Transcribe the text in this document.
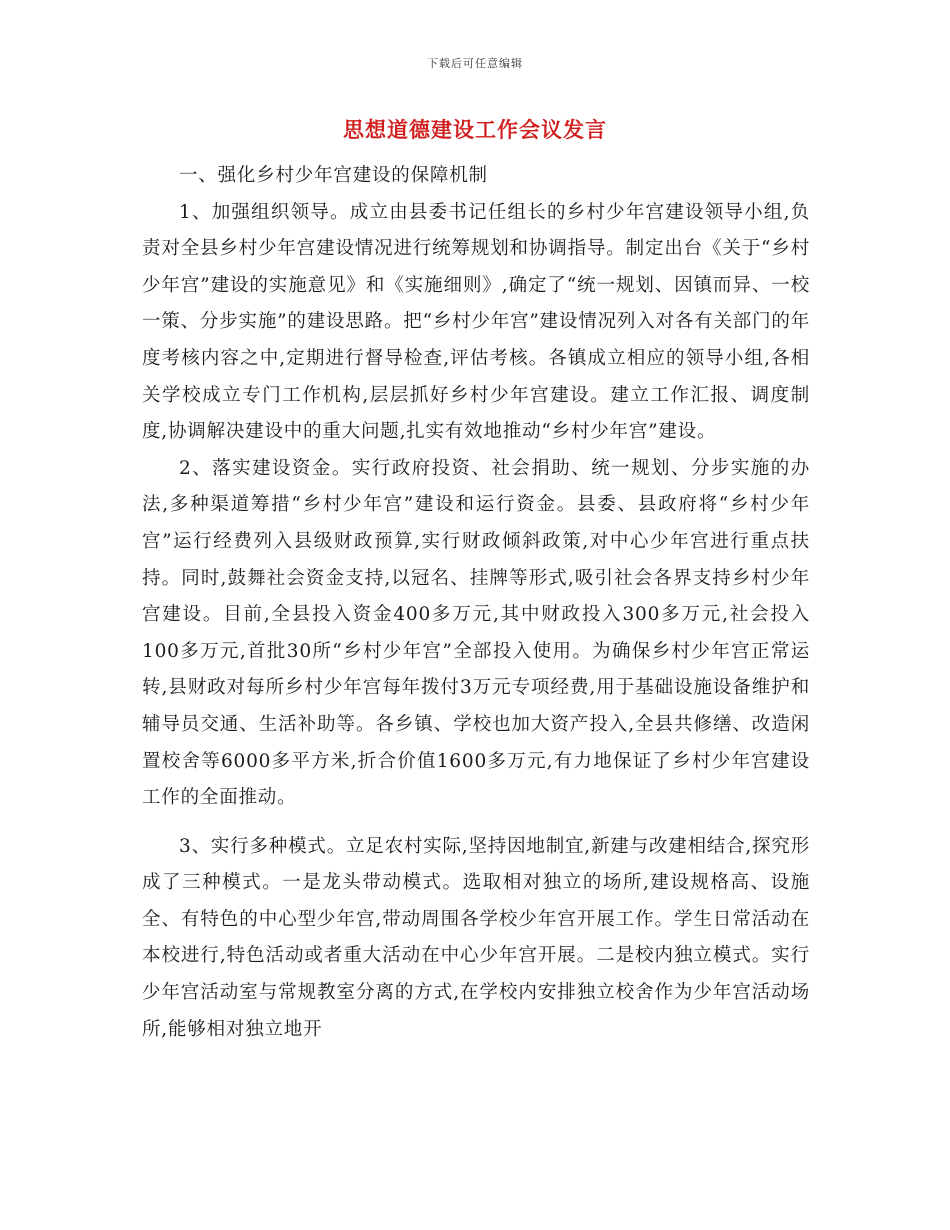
下载后可任意编辑
思想道德建设工作会议发言

一、强化乡村少年宫建设的保障机制

1、加强组织领导。成立由县委书记任组长的乡村少年宫建设领导小组,负责对全县乡村少年宫建设情况进行统筹规划和协调指导。制定出台《关于“乡村少年宫”建设的实施意见》和《实施细则》,确定了“统一规划、因镇而异、一校一策、分步实施”的建设思路。把“乡村少年宫”建设情况列入对各有关部门的年度考核内容之中,定期进行督导检查,评估考核。各镇成立相应的领导小组,各相关学校成立专门工作机构,层层抓好乡村少年宫建设。建立工作汇报、调度制度,协调解决建设中的重大问题,扎实有效地推动“乡村少年宫”建设。

2、落实建设资金。实行政府投资、社会捐助、统一规划、分步实施的办法,多种渠道筹措“乡村少年宫”建设和运行资金。县委、县政府将“乡村少年宫”运行经费列入县级财政预算,实行财政倾斜政策,对中心少年宫进行重点扶持。同时,鼓舞社会资金支持,以冠名、挂牌等形式,吸引社会各界支持乡村少年宫建设。目前,全县投入资金400多万元,其中财政投入300多万元,社会投入100多万元,首批30所“乡村少年宫”全部投入使用。为确保乡村少年宫正常运转,县财政对每所乡村少年宫每年拨付3万元专项经费,用于基础设施设备维护和辅导员交通、生活补助等。各乡镇、学校也加大资产投入,全县共修缮、改造闲置校舍等6000多平方米,折合价值1600多万元,有力地保证了乡村少年宫建设工作的全面推动。

3、实行多种模式。立足农村实际,坚持因地制宜,新建与改建相结合,探究形成了三种模式。一是龙头带动模式。选取相对独立的场所,建设规格高、设施全、有特色的中心型少年宫,带动周围各学校少年宫开展工作。学生日常活动在本校进行,特色活动或者重大活动在中心少年宫开展。二是校内独立模式。实行少年宫活动室与常规教室分离的方式,在学校内安排独立校舍作为少年宫活动场所,能够相对独立地开
